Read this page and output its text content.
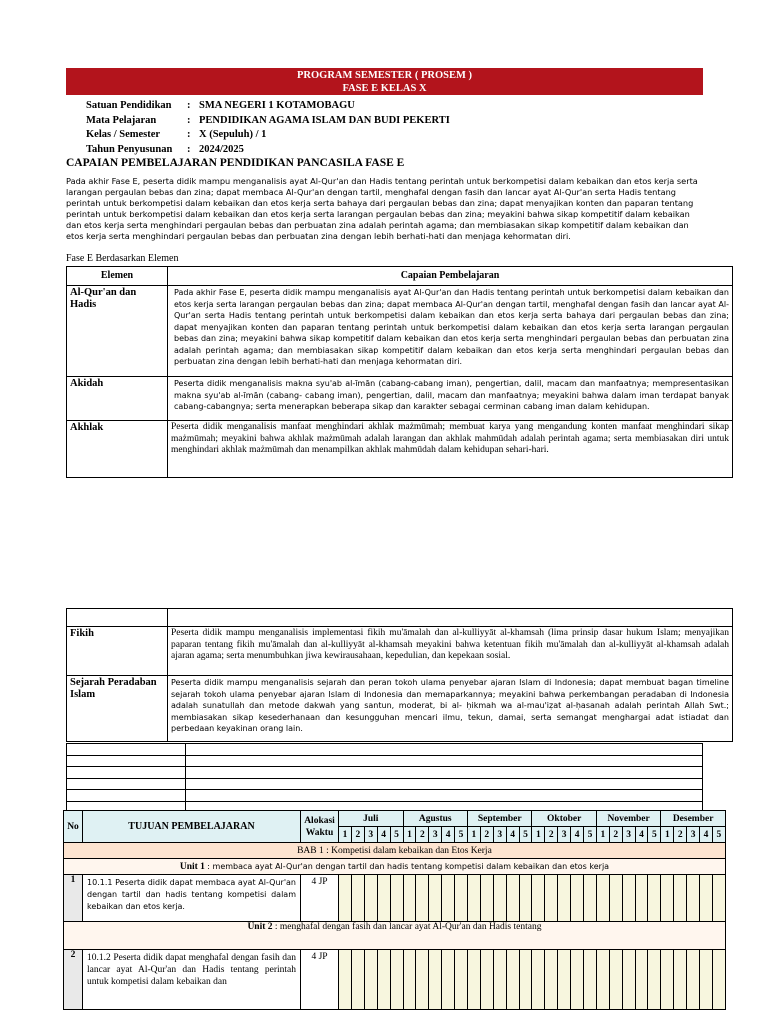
PROGRAM SEMESTER ( PROSEM )
FASE E KELAS X
Satuan Pendidikan	: SMA NEGERI 1 KOTAMOBAGU
Mata Pelajaran	: PENDIDIKAN AGAMA ISLAM DAN BUDI PEKERTI
Kelas / Semester	: X (Sepuluh) / 1
Tahun Penyusunan	: 2024/2025
CAPAIAN PEMBELAJARAN PENDIDIKAN PANCASILA FASE E
Pada akhir Fase E, peserta didik mampu menganalisis ayat Al-Qur'an dan Hadis tentang perintah untuk berkompetisi dalam kebaikan dan etos kerja serta larangan pergaulan bebas dan zina; dapat membaca Al-Qur'an dengan tartil, menghafal dengan fasih dan lancar ayat Al-Qur'an serta Hadis tentang perintah untuk berkompetisi dalam kebaikan dan etos kerja serta bahaya dari pergaulan bebas dan zina; dapat menyajikan konten dan paparan tentang perintah untuk berkompetisi dalam kebaikan dan etos kerja serta larangan pergaulan bebas dan zina; meyakini bahwa sikap kompetitif dalam kebaikan dan etos kerja serta menghindari pergaulan bebas dan perbuatan zina adalah perintah agama; dan membiasakan sikap kompetitif dalam kebaikan dan etos kerja serta menghindari pergaulan bebas dan perbuatan zina dengan lebih berhati-hati dan menjaga kehormatan diri.
Fase E Berdasarkan Elemen
Elemen	Capaian Pembelajaran
Al-Qur'an dan Hadis	Pada akhir Fase E, peserta didik mampu menganalisis ayat Al-Qur'an dan Hadis tentang perintah untuk berkompetisi dalam kebaikan dan etos kerja serta larangan pergaulan bebas dan zina; dapat membaca Al-Qur'an dengan tartil, menghafal dengan fasih dan lancar ayat Al-Qur'an serta Hadis tentang perintah untuk berkompetisi dalam kebaikan dan etos kerja serta bahaya dari pergaulan bebas dan zina; dapat menyajikan konten dan paparan tentang perintah untuk berkompetisi dalam kebaikan dan etos kerja serta larangan pergaulan bebas dan zina; meyakini bahwa sikap kompetitif dalam kebaikan dan etos kerja serta menghindari pergaulan bebas dan perbuatan zina adalah perintah agama; dan membiasakan sikap kompetitif dalam kebaikan dan etos kerja serta menghindari pergaulan bebas dan perbuatan zina dengan lebih berhati-hati dan menjaga kehormatan diri.
Akidah	Peserta didik menganalisis makna syu'ab al-īmān (cabang-cabang iman), pengertian, dalil, macam dan manfaatnya; mempresentasikan makna syu'ab al-īmān (cabang- cabang iman), pengertian, dalil, macam dan manfaatnya; meyakini bahwa dalam iman terdapat banyak cabang-cabangnya; serta menerapkan beberapa sikap dan karakter sebagai cerminan cabang iman dalam kehidupan.
Akhlak	Peserta didik menganalisis manfaat menghindari akhlak mażmūmah; membuat karya yang mengandung konten manfaat menghindari sikap mażmūmah; meyakini bahwa akhlak mażmūmah adalah larangan dan akhlak mahmūdah adalah perintah agama; serta membiasakan diri untuk menghindari akhlak mażmūmah dan menampilkan akhlak mahmūdah dalam kehidupan sehari-hari.

Fikih	Peserta didik mampu menganalisis implementasi fikih mu'āmalah dan al-kulliyyāt al-khamsah (lima prinsip dasar hukum Islam; menyajikan paparan tentang fikih mu'āmalah dan al-kulliyyāt al-khamsah meyakini bahwa ketentuan fikih mu'āmalah dan al-kulliyyāt al-khamsah adalah ajaran agama; serta menumbuhkan jiwa kewirausahaan, kepedulian, dan kepekaan sosial.
Sejarah Peradaban Islam	Peserta didik mampu menganalisis sejarah dan peran tokoh ulama penyebar ajaran Islam di Indonesia; dapat membuat bagan timeline sejarah tokoh ulama penyebar ajaran Islam di Indonesia dan memaparkannya; meyakini bahwa perkembangan peradaban di Indonesia adalah sunatullah dan metode dakwah yang santun, moderat, bi al- ḥikmah wa al-mau'iẓat al-ḥasanah adalah perintah Allah Swt.; membiasakan sikap kesederhanaan dan kesungguhan mencari ilmu, tekun, damai, serta semangat menghargai adat istiadat dan perbedaan keyakinan orang lain.

No	TUJUAN PEMBELAJARAN	Alokasi Waktu	Juli					Agustus					September					Oktober					November					Desember				
			1	2	3	4	5	1	2	3	4	5	1	2	3	4	5	1	2	3	4	5	1	2	3	4	5	1	2	3	4	5
BAB 1 : Kompetisi dalam kebaikan dan Etos Kerja																																
Unit 1 : membaca ayat Al-Qur'an dengan tartil dan hadis tentang kompetisi dalam kebaikan dan etos kerja																																
1	10.1.1 Peserta didik dapat membaca ayat Al-Qur'an dengan tartil dan hadis tentang kompetisi dalam kebaikan dan etos kerja.	4 JP																														
Unit 2 : menghafal dengan fasih dan lancar ayat Al-Qur'an dan Hadis tentang																																
2	10.1.2 Peserta didik dapat menghafal dengan fasih dan lancar ayat Al-Qur'an dan Hadis tentang perintah untuk kompetisi dalam kebaikan dan	4 JP																														
